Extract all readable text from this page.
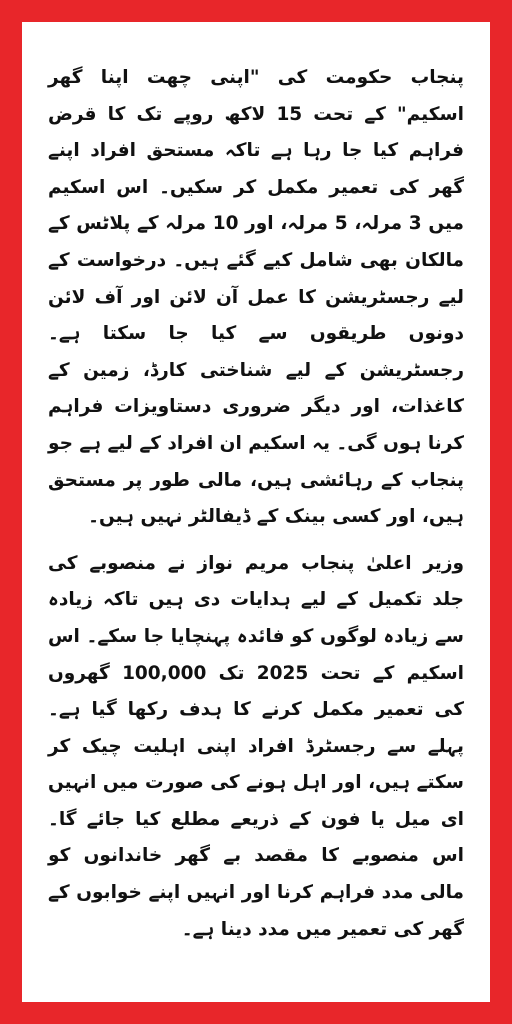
پنجاب حکومت کی "اپنی چھت اپنا گھر اسکیم" کے تحت 15 لاکھ روپے تک کا قرض فراہم کیا جا رہا ہے تاکہ مستحق افراد اپنے گھر کی تعمیر مکمل کر سکیں۔ اس اسکیم میں 3 مرلہ، 5 مرلہ، اور 10 مرلہ کے پلاٹس کے مالکان بھی شامل کیے گئے ہیں۔ درخواست کے لیے رجسٹریشن کا عمل آن لائن اور آف لائن دونوں طریقوں سے کیا جا سکتا ہے۔ رجسٹریشن کے لیے شناختی کارڈ، زمین کے کاغذات، اور دیگر ضروری دستاویزات فراہم کرنا ہوں گی۔ یہ اسکیم ان افراد کے لیے ہے جو پنجاب کے رہائشی ہیں، مالی طور پر مستحق ہیں، اور کسی بینک کے ڈیفالٹر نہیں ہیں۔

وزیر اعلیٰ پنجاب مریم نواز نے منصوبے کی جلد تکمیل کے لیے ہدایات دی ہیں تاکہ زیادہ سے زیادہ لوگوں کو فائدہ پہنچایا جا سکے۔ اس اسکیم کے تحت 2025 تک 100,000 گھروں کی تعمیر مکمل کرنے کا ہدف رکھا گیا ہے۔ پہلے سے رجسٹرڈ افراد اپنی اہلیت چیک کر سکتے ہیں، اور اہل ہونے کی صورت میں انہیں ای میل یا فون کے ذریعے مطلع کیا جائے گا۔ اس منصوبے کا مقصد بے گھر خاندانوں کو مالی مدد فراہم کرنا اور انہیں اپنے خوابوں کے گھر کی تعمیر میں مدد دینا ہے۔
